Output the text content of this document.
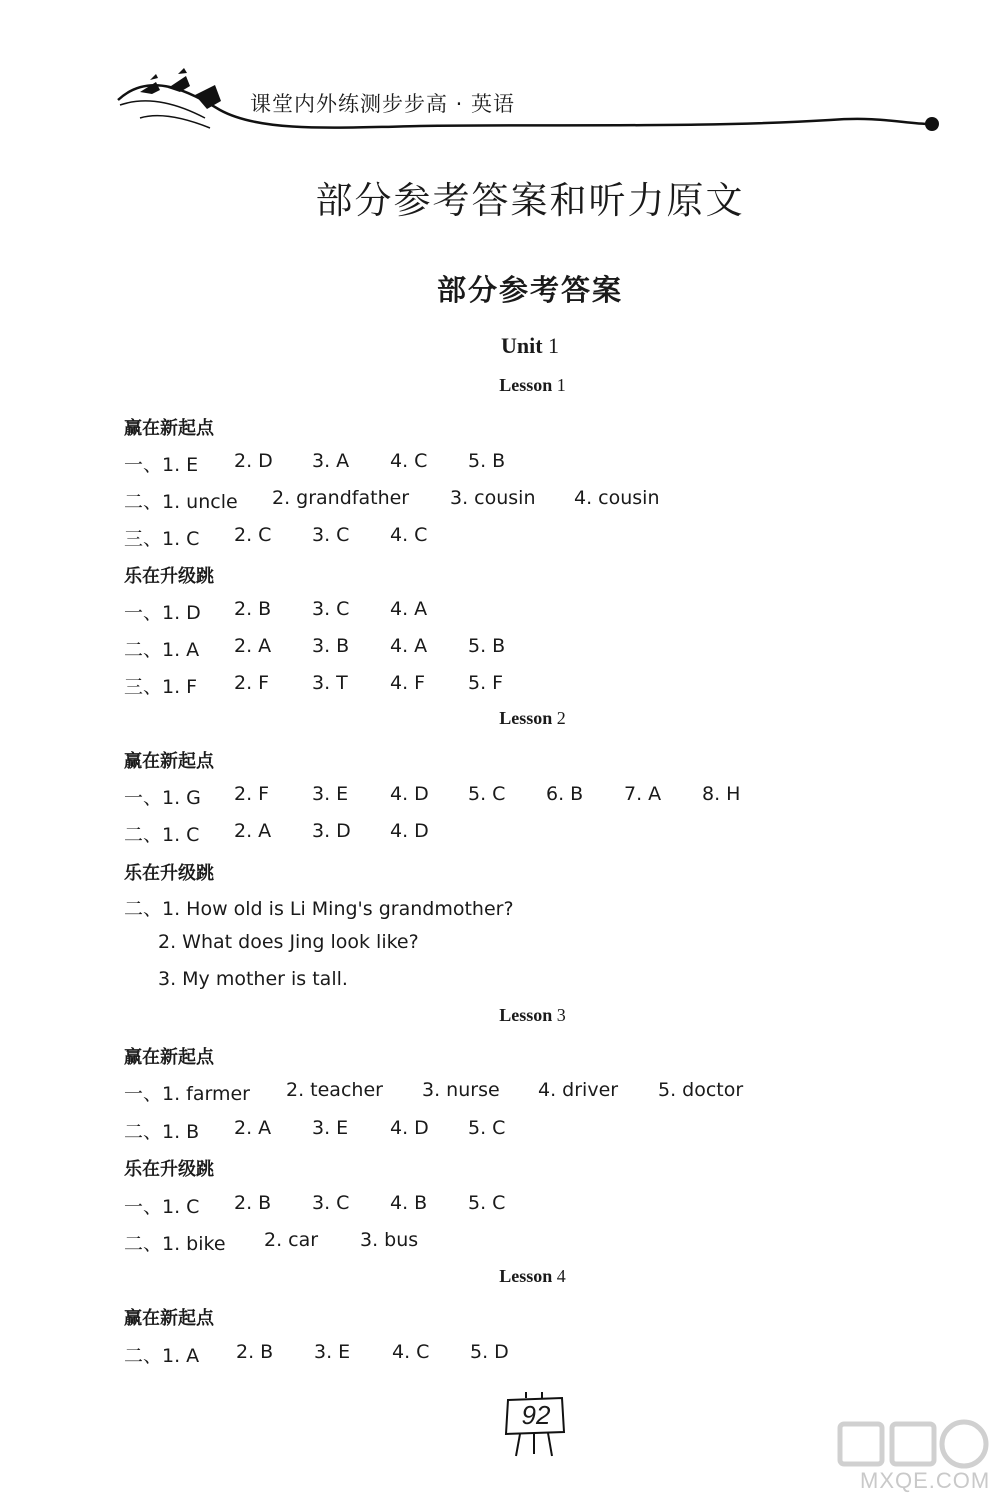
课堂内外练测步步高 · 英语
部分参考答案和听力原文
部分参考答案
Unit 1
Lesson 1
赢在新起点
一、1. E 2. D 3. A 4. C 5. B
二、1. uncle 2. grandfather 3. cousin 4. cousin
三、1. C 2. C 3. C 4. C
乐在升级跳
一、1. D 2. B 3. C 4. A
二、1. A 2. A 3. B 4. A 5. B
三、1. F 2. F 3. T 4. F 5. F
Lesson 2
赢在新起点
一、1. G 2. F 3. E 4. D 5. C 6. B 7. A 8. H
二、1. C 2. A 3. D 4. D
乐在升级跳
二、1. How old is Li Ming's grandmother?
2. What does Jing look like?
3. My mother is tall.
Lesson 3
赢在新起点
一、1. farmer 2. teacher 3. nurse 4. driver 5. doctor
二、1. B 2. A 3. E 4. D 5. C
乐在升级跳
一、1. C 2. B 3. C 4. B 5. C
二、1. bike 2. car 3. bus
Lesson 4
赢在新起点
二、1. A 2. B 3. E 4. C 5. D
92
MXQE.COM
